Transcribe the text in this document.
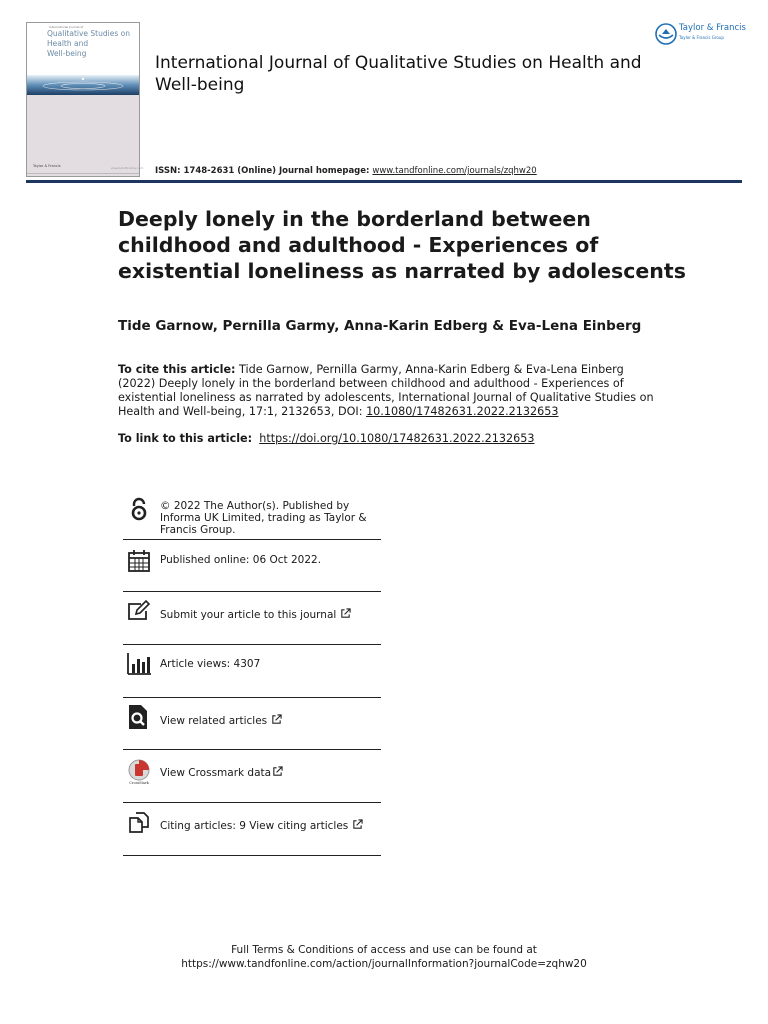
International Journal of
Qualitative Studies on
Health and
Well-being
Taylor & Francis	www.tandfonline.com
International Journal of Qualitative Studies on Health and Well-being
ISSN: 1748-2631 (Online) Journal homepage: www.tandfonline.com/journals/zqhw20
Taylor & Francis
Taylor & Francis Group
Deeply lonely in the borderland between childhood and adulthood - Experiences of existential loneliness as narrated by adolescents
Tide Garnow, Pernilla Garmy, Anna-Karin Edberg & Eva-Lena Einberg
To cite this article: Tide Garnow, Pernilla Garmy, Anna-Karin Edberg & Eva-Lena Einberg (2022) Deeply lonely in the borderland between childhood and adulthood - Experiences of existential loneliness as narrated by adolescents, International Journal of Qualitative Studies on Health and Well-being, 17:1, 2132653, DOI: 10.1080/17482631.2022.2132653
To link to this article: https://doi.org/10.1080/17482631.2022.2132653
© 2022 The Author(s). Published by Informa UK Limited, trading as Taylor & Francis Group.
Published online: 06 Oct 2022.
Submit your article to this journal
Article views: 4307
View related articles
CrossMark
View Crossmark data
Citing articles: 9 View citing articles
Full Terms & Conditions of access and use can be found at
https://www.tandfonline.com/action/journalInformation?journalCode=zqhw20
